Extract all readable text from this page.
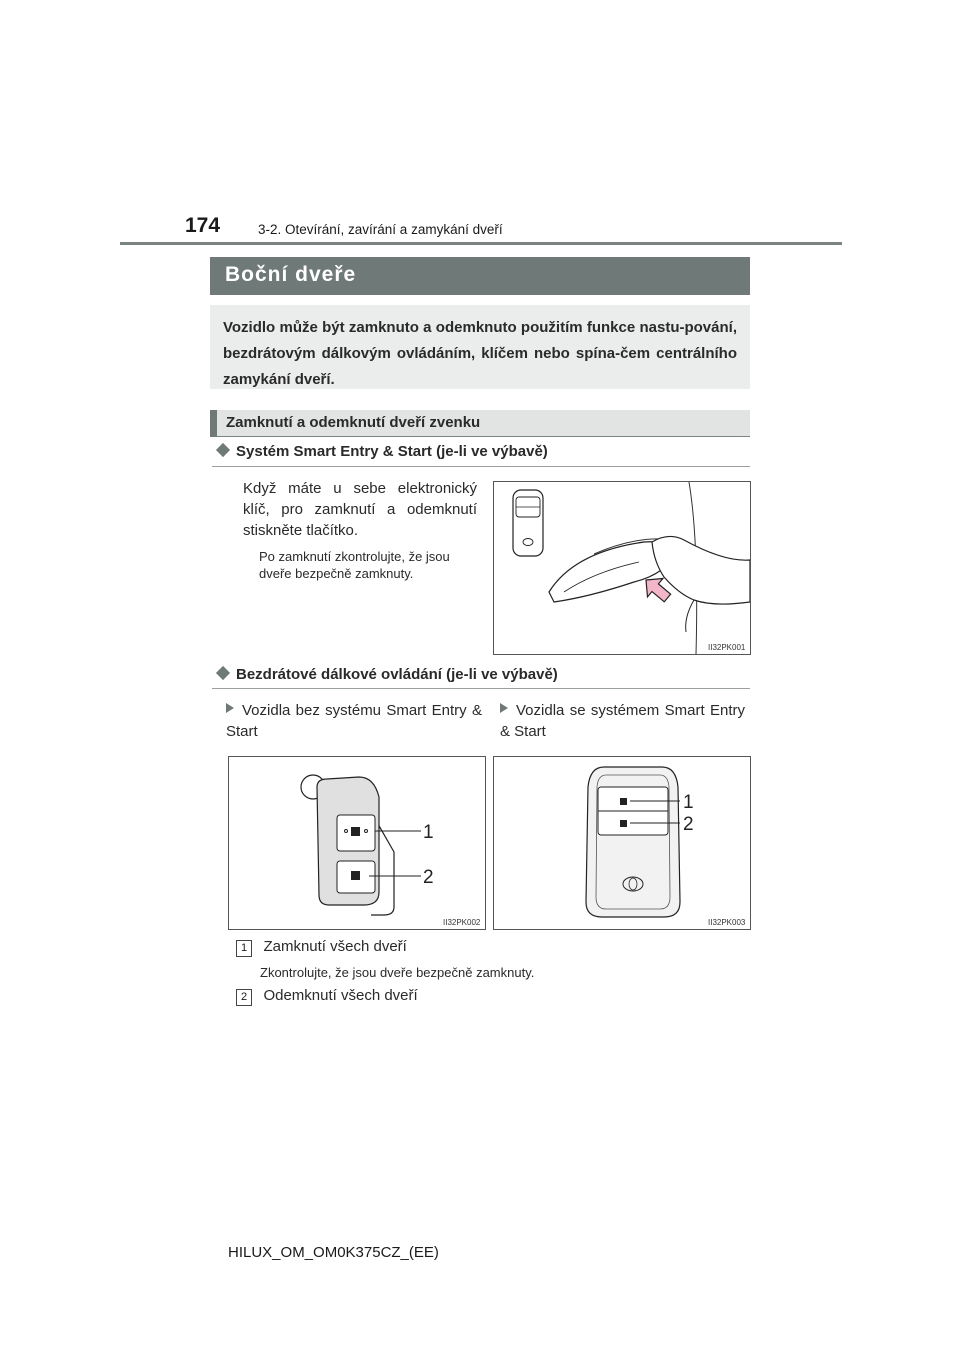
174	3-2. Otevírání, zavírání a zamykání dveří
Boční dveře
Vozidlo může být zamknuto a odemknuto použitím funkce nastu-pování, bezdrátovým dálkovým ovládáním, klíčem nebo spína-čem centrálního zamykání dveří.
Zamknutí a odemknutí dveří zvenku
Systém Smart Entry & Start (je-li ve výbavě)
Když máte u sebe elektronický klíč, pro zamknutí a odemknutí stiskněte tlačítko.
Po zamknutí zkontrolujte, že jsou dveře bezpečně zamknuty.
II32PK001
Bezdrátové dálkové ovládání (je-li ve výbavě)
Vozidla bez systému Smart Entry & Start
Vozidla se systémem Smart Entry & Start
1
2
II32PK002
1
2
II32PK003
1 Zamknutí všech dveří
Zkontrolujte, že jsou dveře bezpečně zamknuty.
2 Odemknutí všech dveří
HILUX_OM_OM0K375CZ_(EE)
